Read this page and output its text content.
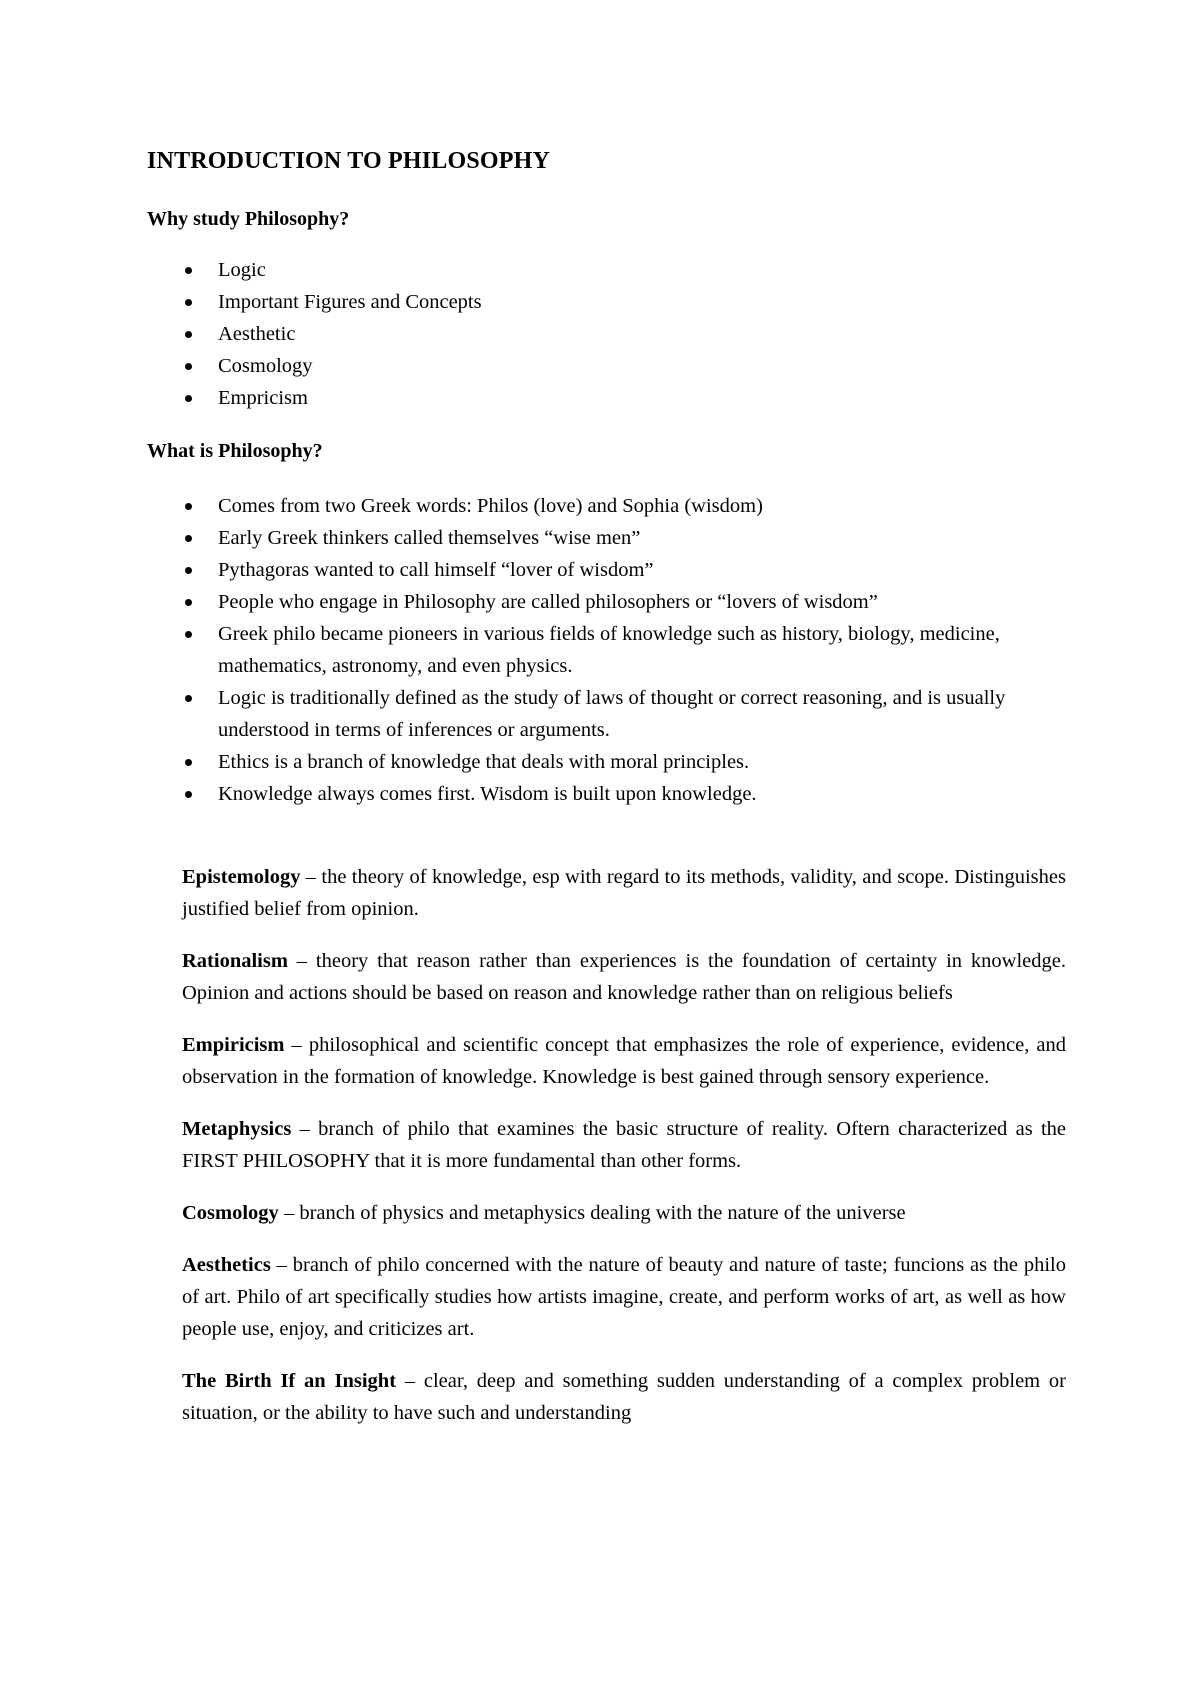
INTRODUCTION TO PHILOSOPHY
Why study Philosophy?
Logic
Important Figures and Concepts
Aesthetic
Cosmology
Empricism
What is Philosophy?
Comes from two Greek words: Philos (love) and Sophia (wisdom)
Early Greek thinkers called themselves “wise men”
Pythagoras wanted to call himself “lover of wisdom”
People who engage in Philosophy are called philosophers or “lovers of wisdom”
Greek philo became pioneers in various fields of knowledge such as history, biology, medicine, mathematics, astronomy, and even physics.
Logic is traditionally defined as the study of laws of thought or correct reasoning, and is usually understood in terms of inferences or arguments.
Ethics is a branch of knowledge that deals with moral principles.
Knowledge always comes first. Wisdom is built upon knowledge.

Epistemology – the theory of knowledge, esp with regard to its methods, validity, and scope. Distinguishes justified belief from opinion.

Rationalism – theory that reason rather than experiences is the foundation of certainty in knowledge. Opinion and actions should be based on reason and knowledge rather than on religious beliefs

Empiricism – philosophical and scientific concept that emphasizes the role of experience, evidence, and observation in the formation of knowledge. Knowledge is best gained through sensory experience.

Metaphysics – branch of philo that examines the basic structure of reality. Oftern characterized as the FIRST PHILOSOPHY that it is more fundamental than other forms.

Cosmology – branch of physics and metaphysics dealing with the nature of the universe

Aesthetics – branch of philo concerned with the nature of beauty and nature of taste; funcions as the philo of art. Philo of art specifically studies how artists imagine, create, and perform works of art, as well as how people use, enjoy, and criticizes art.

The Birth If an Insight – clear, deep and something sudden understanding of a complex problem or situation, or the ability to have such and understanding
